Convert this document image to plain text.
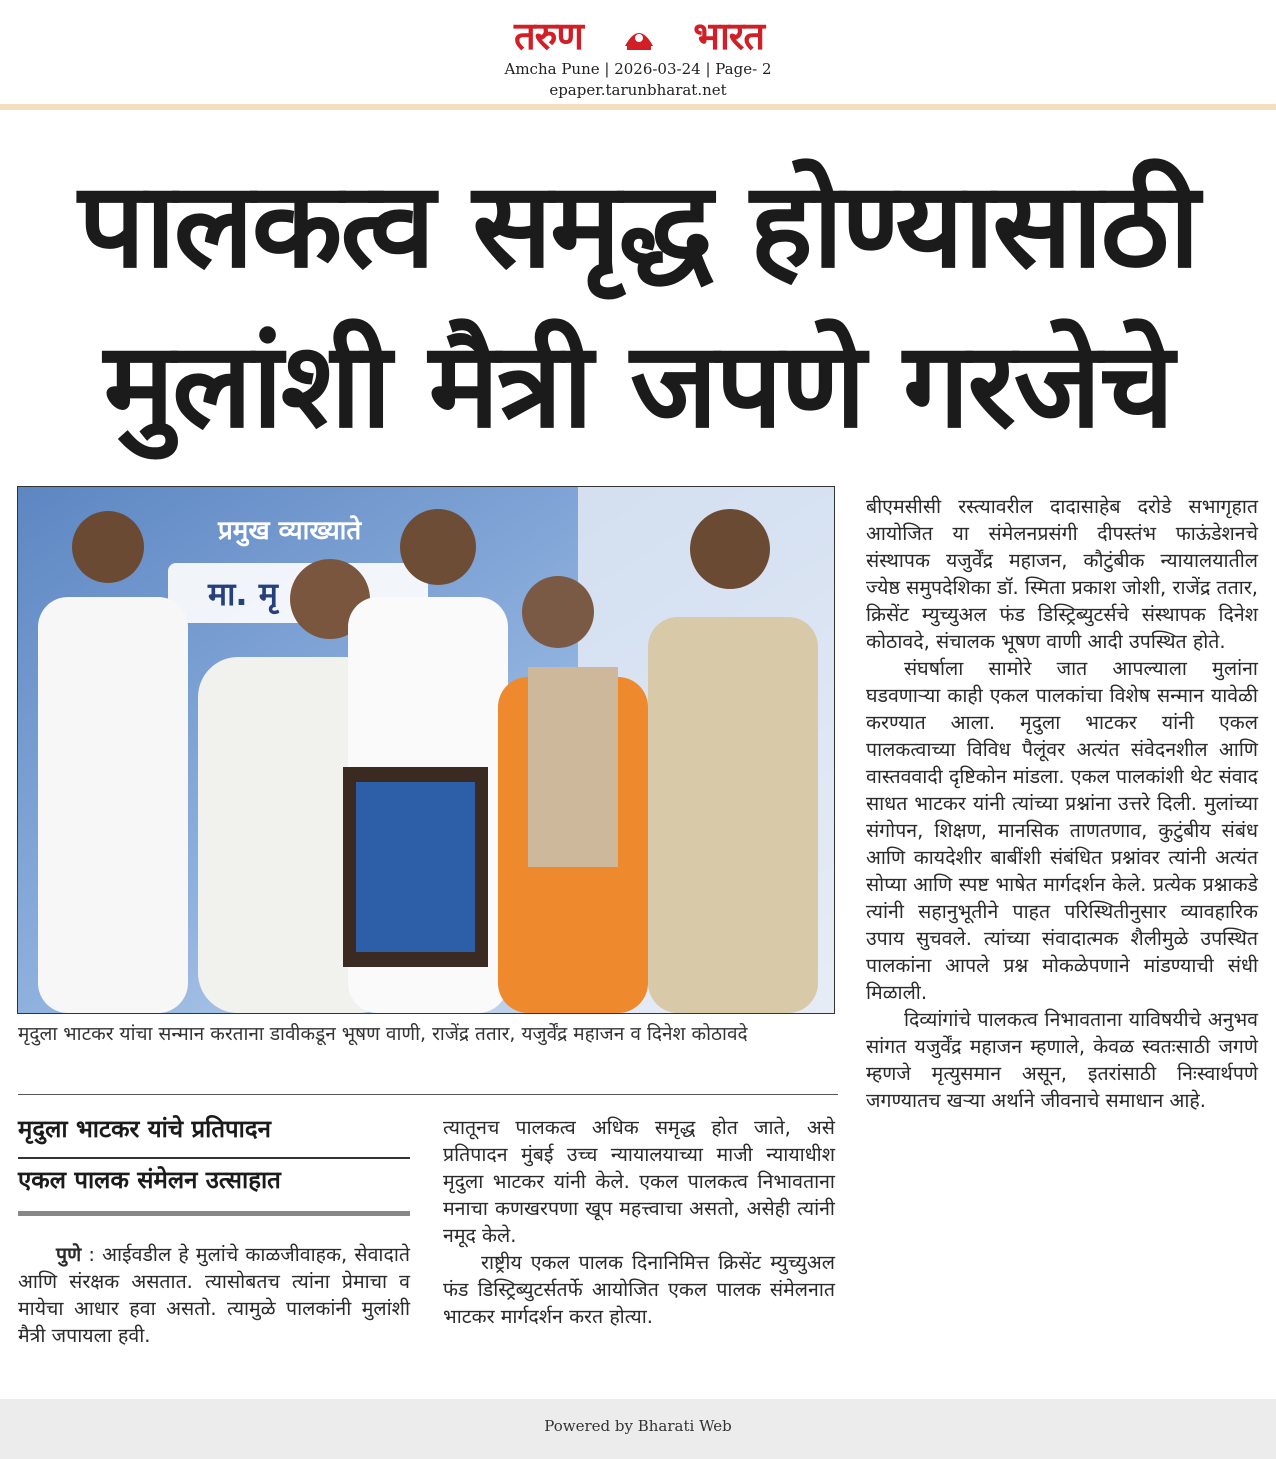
तरुण	भारत
Amcha Pune | 2026-03-24 | Page- 2
epaper.tarunbharat.net
पालकत्व समृद्ध होण्यासाठी
मुलांशी मैत्री जपणे गरजेचे
प्रमुख व्याख्याते
मा. मृ
मृदुला भाटकर यांचा सन्मान करताना डावीकडून भूषण वाणी, राजेंद्र ततार, यजुर्वेंद्र महाजन व दिनेश कोठावदे
मृदुला भाटकर यांचे प्रतिपादन
एकल पालक संमेलन उत्साहात

पुणे : आईवडील हे मुलांचे काळजीवाहक, सेवादाते आणि संरक्षक असतात. त्यासोबतच त्यांना प्रेमाचा व मायेचा आधार हवा असतो. त्यामुळे पालकांनी मुलांशी मैत्री जपायला हवी.

त्यातूनच पालकत्व अधिक समृद्ध होत जाते, असे प्रतिपादन मुंबई उच्च न्यायालयाच्या माजी न्यायाधीश मृदुला भाटकर यांनी केले. एकल पालकत्व निभावताना मनाचा कणखरपणा खूप महत्त्वाचा असतो, असेही त्यांनी नमूद केले.

राष्ट्रीय एकल पालक दिनानिमित्त क्रिसेंट म्युच्युअल फंड डिस्ट्रिब्युटर्सतर्फे आयोजित एकल पालक संमेलनात भाटकर मार्गदर्शन करत होत्या.

बीएमसीसी रस्त्यावरील दादासाहेब दरोडे सभागृहात आयोजित या संमेलनप्रसंगी दीपस्तंभ फाऊंडेशनचे संस्थापक यजुर्वेंद्र महाजन, कौटुंबीक न्यायालयातील ज्येष्ठ समुपदेशिका डॉ. स्मिता प्रकाश जोशी, राजेंद्र ततार, क्रिसेंट म्युच्युअल फंड डिस्ट्रिब्युटर्सचे संस्थापक दिनेश कोठावदे, संचालक भूषण वाणी आदी उपस्थित होते.

संघर्षाला सामोरे जात आपल्याला मुलांना घडवणाऱ्या काही एकल पालकांचा विशेष सन्मान यावेळी करण्यात आला. मृदुला भाटकर यांनी एकल पालकत्वाच्या विविध पैलूंवर अत्यंत संवेदनशील आणि वास्तववादी दृष्टिकोन मांडला. एकल पालकांशी थेट संवाद साधत भाटकर यांनी त्यांच्या प्रश्नांना उत्तरे दिली. मुलांच्या संगोपन, शिक्षण, मानसिक ताणतणाव, कुटुंबीय संबंध आणि कायदेशीर बाबींशी संबंधित प्रश्नांवर त्यांनी अत्यंत सोप्या आणि स्पष्ट भाषेत मार्गदर्शन केले. प्रत्येक प्रश्नाकडे त्यांनी सहानुभूतीने पाहत परिस्थितीनुसार व्यावहारिक उपाय सुचवले. त्यांच्या संवादात्मक शैलीमुळे उपस्थित पालकांना आपले प्रश्न मोकळेपणाने मांडण्याची संधी मिळाली.

दिव्यांगांचे पालकत्व निभावताना याविषयीचे अनुभव सांगत यजुर्वेंद्र महाजन म्हणाले, केवळ स्वतःसाठी जगणे म्हणजे मृत्युसमान असून, इतरांसाठी निःस्वार्थपणे जगण्यातच खऱ्या अर्थाने जीवनाचे समाधान आहे.

Powered by Bharati Web
